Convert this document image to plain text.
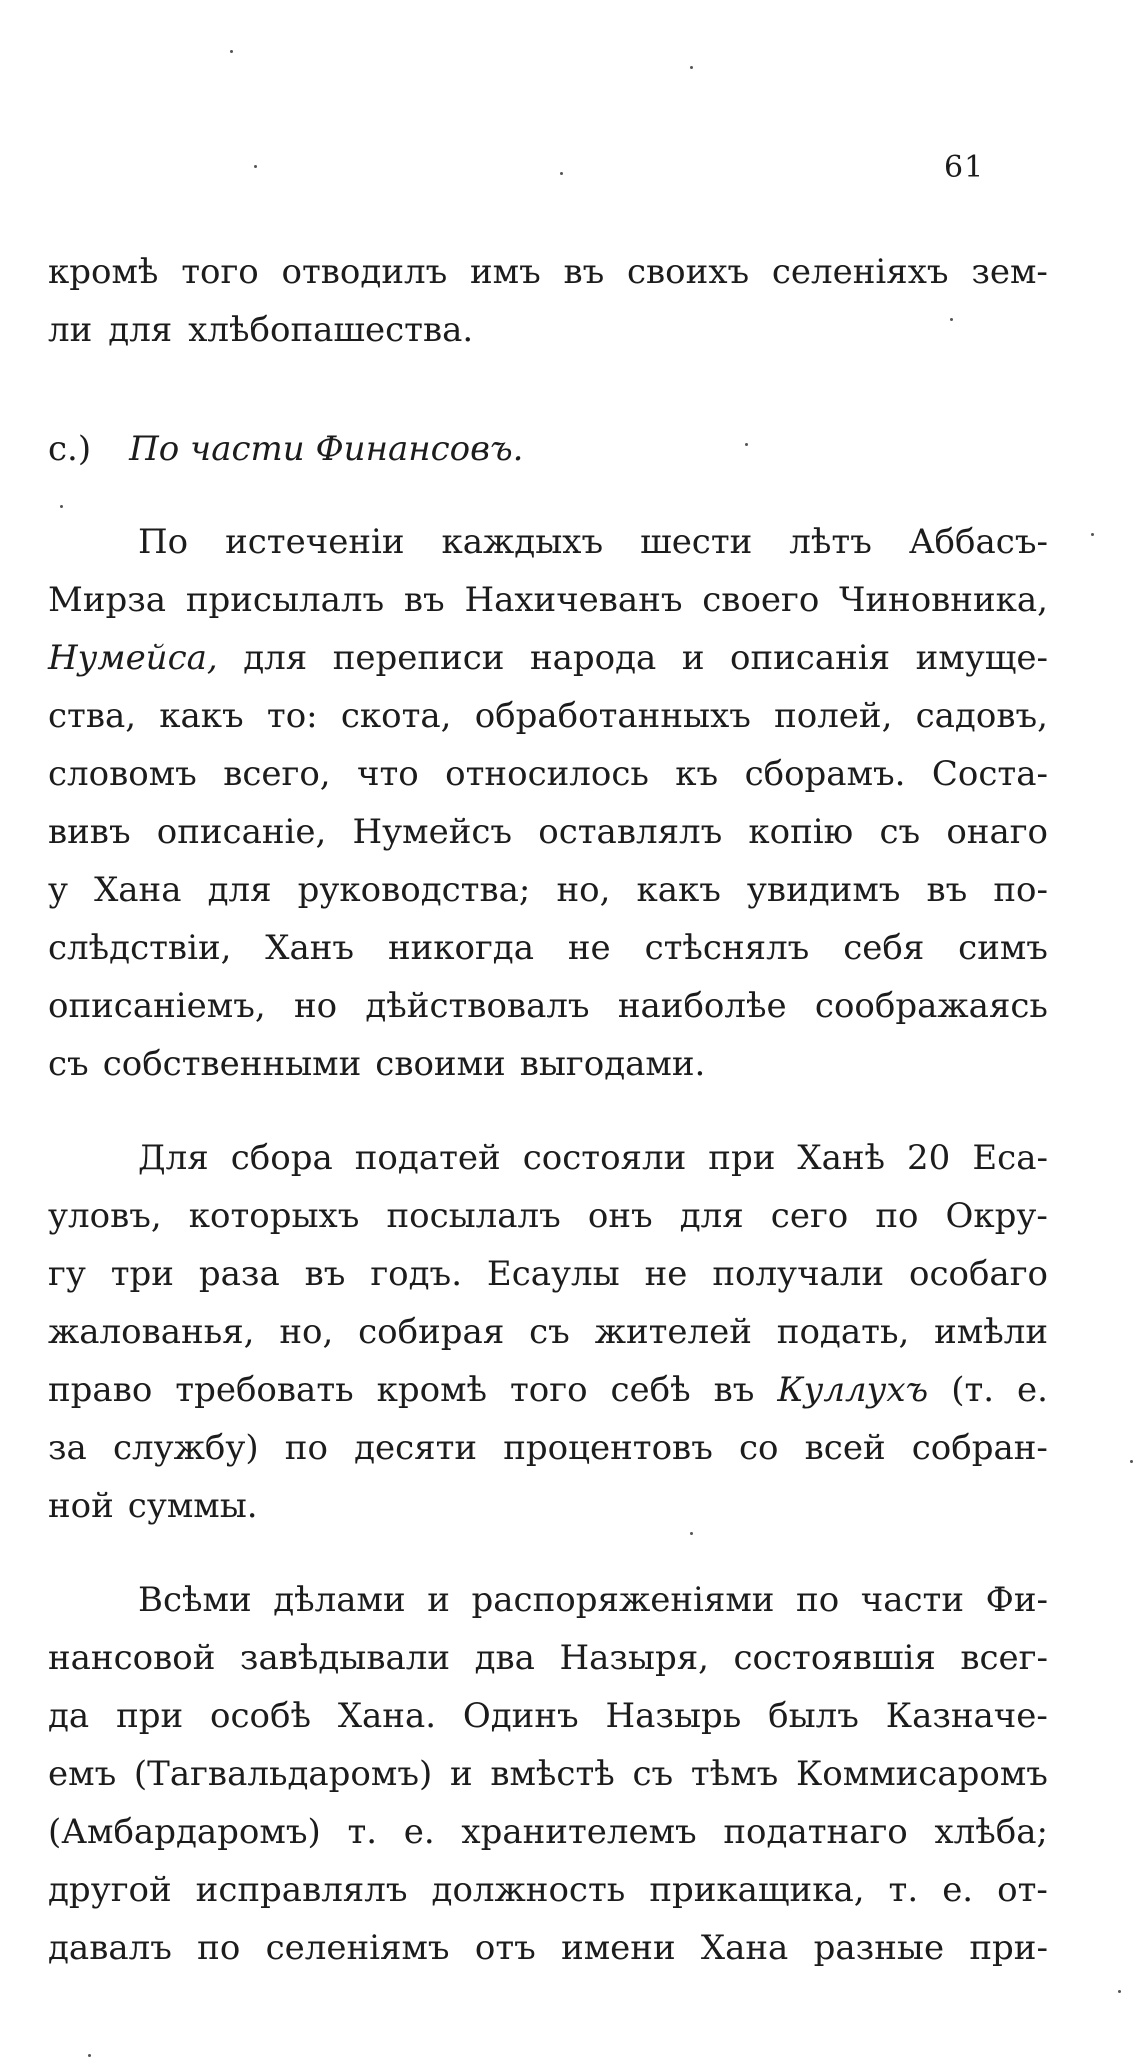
61
кромѣ того отводилъ имъ въ своихъ селеніяхъ зем-
ли для хлѣбопашества.
c.) По части Финансовъ.
По истеченіи каждыхъ шести лѣтъ Аббасъ-
Мирза присылалъ въ Нахичеванъ своего Чиновника,
Нумейса, для переписи народа и описанія имуще-
ства, какъ то: скота, обработанныхъ полей, садовъ,
словомъ всего, что относилось къ сборамъ. Соста-
вивъ описаніе, Нумейсъ оставлялъ копію съ онаго
у Хана для руководства; но, какъ увидимъ въ по-
слѣдствіи, Ханъ никогда не стѣснялъ себя симъ
описаніемъ, но дѣйствовалъ наиболѣе соображаясь
съ собственными своими выгодами.
Для сбора податей состояли при Ханѣ 20 Еса-
уловъ, которыхъ посылалъ онъ для сего по Окру-
гу три раза въ годъ. Есаулы не получали особаго
жалованья, но, собирая съ жителей подать, имѣли
право требовать кромѣ того себѣ въ Куллухъ (т. е.
за службу) по десяти процентовъ со всей собран-
ной суммы.
Всѣми дѣлами и распоряженіями по части Фи-
нансовой завѣдывали два Назыря, состоявшія всег-
да при особѣ Хана. Одинъ Назырь былъ Казначе-
емъ (Тагвальдаромъ) и вмѣстѣ съ тѣмъ Коммисаромъ
(Амбардаромъ) т. е. хранителемъ податнаго хлѣба;
другой исправлялъ должность прикащика, т. е. от-
давалъ по селеніямъ отъ имени Хана разные при-
